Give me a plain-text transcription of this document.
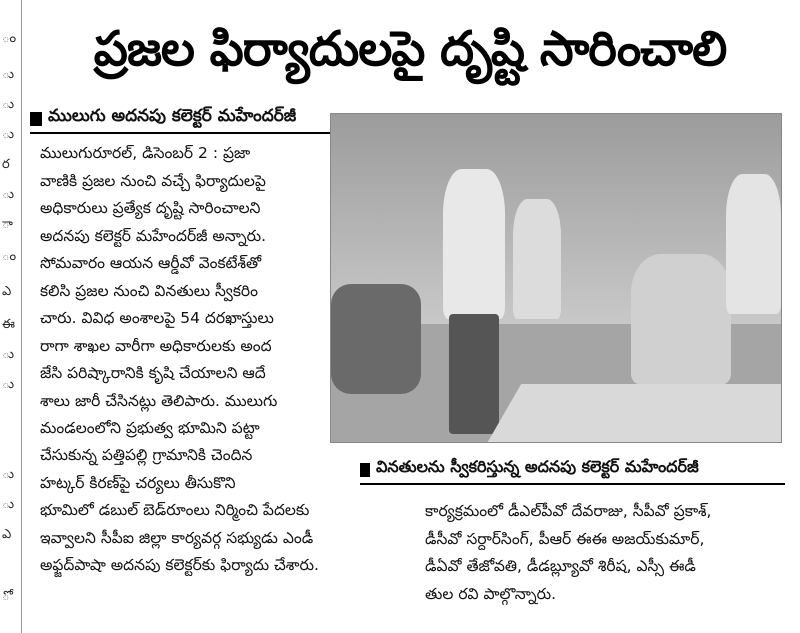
ం
ు
ు
ు
ర
ు
ా
ం
ఎ
ఈ
ు
ు
ు
ు
ఎ
ో
ప్రజల ఫిర్యాదులపై దృష్టి సారించాలి
ములుగు అదనపు కలెక్టర్ మహేందర్‌జీ
ములుగురూరల్, డిసెంబర్ 2 : ప్రజా
వాణికి ప్రజల నుంచి వచ్చే ఫిర్యాదులపై
అధికారులు ప్రత్యేక దృష్టి సారించాలని
అదనపు కలెక్టర్ మహేందర్‌జీ అన్నారు.
సోమవారం ఆయన ఆర్డీవో వెంకటేశ్‌తో
కలిసి ప్రజల నుంచి వినతులు స్వీకరిం
చారు. వివిధ అంశాలపై 54 దరఖాస్తులు
రాగా శాఖల వారీగా అధికారులకు అంద
జేసి పరిష్కారానికి కృషి చేయాలని ఆదే
శాలు జారీ చేసినట్లు తెలిపారు. ములుగు
మండలంలోని ప్రభుత్వ భూమిని పట్టా
వినతులను స్వీకరిస్తున్న అదనపు కలెక్టర్ మహేందర్‌జీ
చేసుకున్న పత్తిపల్లి గ్రామానికి చెందిన
హట్కర్ కిరణ్‌పై చర్యలు తీసుకొని
భూమిలో డబుల్ బెడ్‌రూంలు నిర్మించి పేదలకు
ఇవ్వాలని సీపీఐ జిల్లా కార్యవర్గ సభ్యుడు ఎండీ
అఫ్జద్‌పాషా అదనపు కలెక్టర్‌కు ఫిర్యాదు చేశారు.
కార్యక్రమంలో డీఎల్‌పీవో దేవరాజు, సీపీవో ప్రకాశ్,
డీసీవో సర్దార్‌సింగ్, పీఆర్ ఈఈ అజయ్‌కుమార్,
డీఏవో తేజోవతి, డీడబ్ల్యూవో శిరీష, ఎస్సీ ఈడీ
తుల రవి పాల్గొన్నారు.
